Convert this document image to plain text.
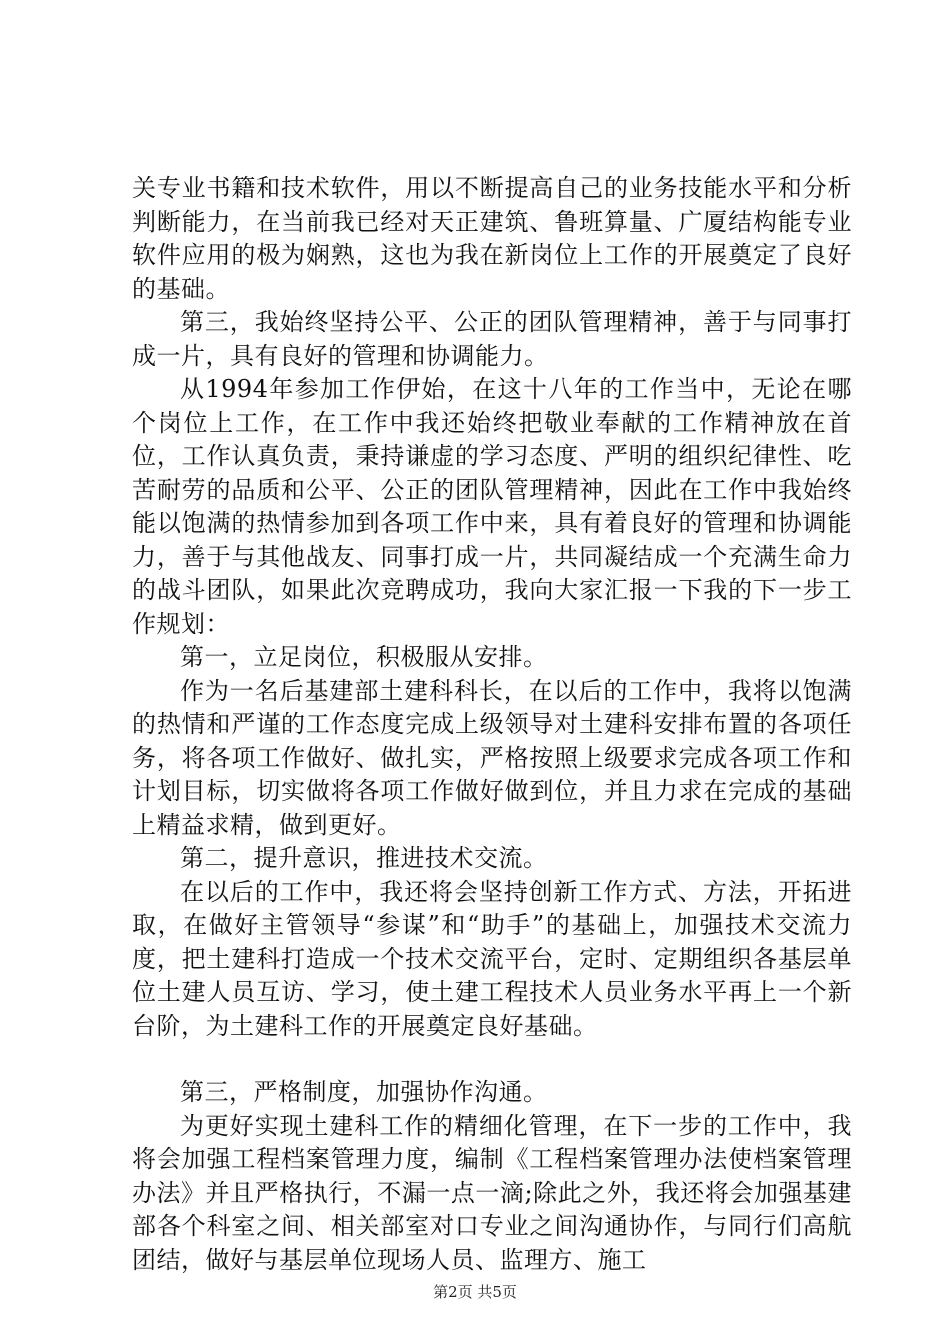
关专业书籍和技术软件，用以不断提高自己的业务技能水平和分析判断能力，在当前我已经对天正建筑、鲁班算量、广厦结构能专业软件应用的极为娴熟，这也为我在新岗位上工作的开展奠定了良好的基础。

第三，我始终坚持公平、公正的团队管理精神，善于与同事打成一片，具有良好的管理和协调能力。

从1994年参加工作伊始，在这十八年的工作当中，无论在哪个岗位上工作，在工作中我还始终把敬业奉献的工作精神放在首位，工作认真负责，秉持谦虚的学习态度、严明的组织纪律性、吃苦耐劳的品质和公平、公正的团队管理精神，因此在工作中我始终能以饱满的热情参加到各项工作中来，具有着良好的管理和协调能力，善于与其他战友、同事打成一片，共同凝结成一个充满生命力的战斗团队，如果此次竞聘成功，我向大家汇报一下我的下一步工作规划：

第一，立足岗位，积极服从安排。

作为一名后基建部土建科科长，在以后的工作中，我将以饱满的热情和严谨的工作态度完成上级领导对土建科安排布置的各项任务，将各项工作做好、做扎实，严格按照上级要求完成各项工作和计划目标，切实做将各项工作做好做到位，并且力求在完成的基础上精益求精，做到更好。

第二，提升意识，推进技术交流。

在以后的工作中，我还将会坚持创新工作方式、方法，开拓进取，在做好主管领导“参谋”和“助手”的基础上，加强技术交流力度，把土建科打造成一个技术交流平台，定时、定期组织各基层单位土建人员互访、学习，使土建工程技术人员业务水平再上一个新台阶，为土建科工作的开展奠定良好基础。

第三，严格制度，加强协作沟通。

为更好实现土建科工作的精细化管理，在下一步的工作中，我将会加强工程档案管理力度，编制《工程档案管理办法使档案管理办法》并且严格执行，不漏一点一滴;除此之外，我还将会加强基建部各个科室之间、相关部室对口专业之间沟通协作，与同行们高航团结，做好与基层单位现场人员、监理方、施工

第2页 共5页
